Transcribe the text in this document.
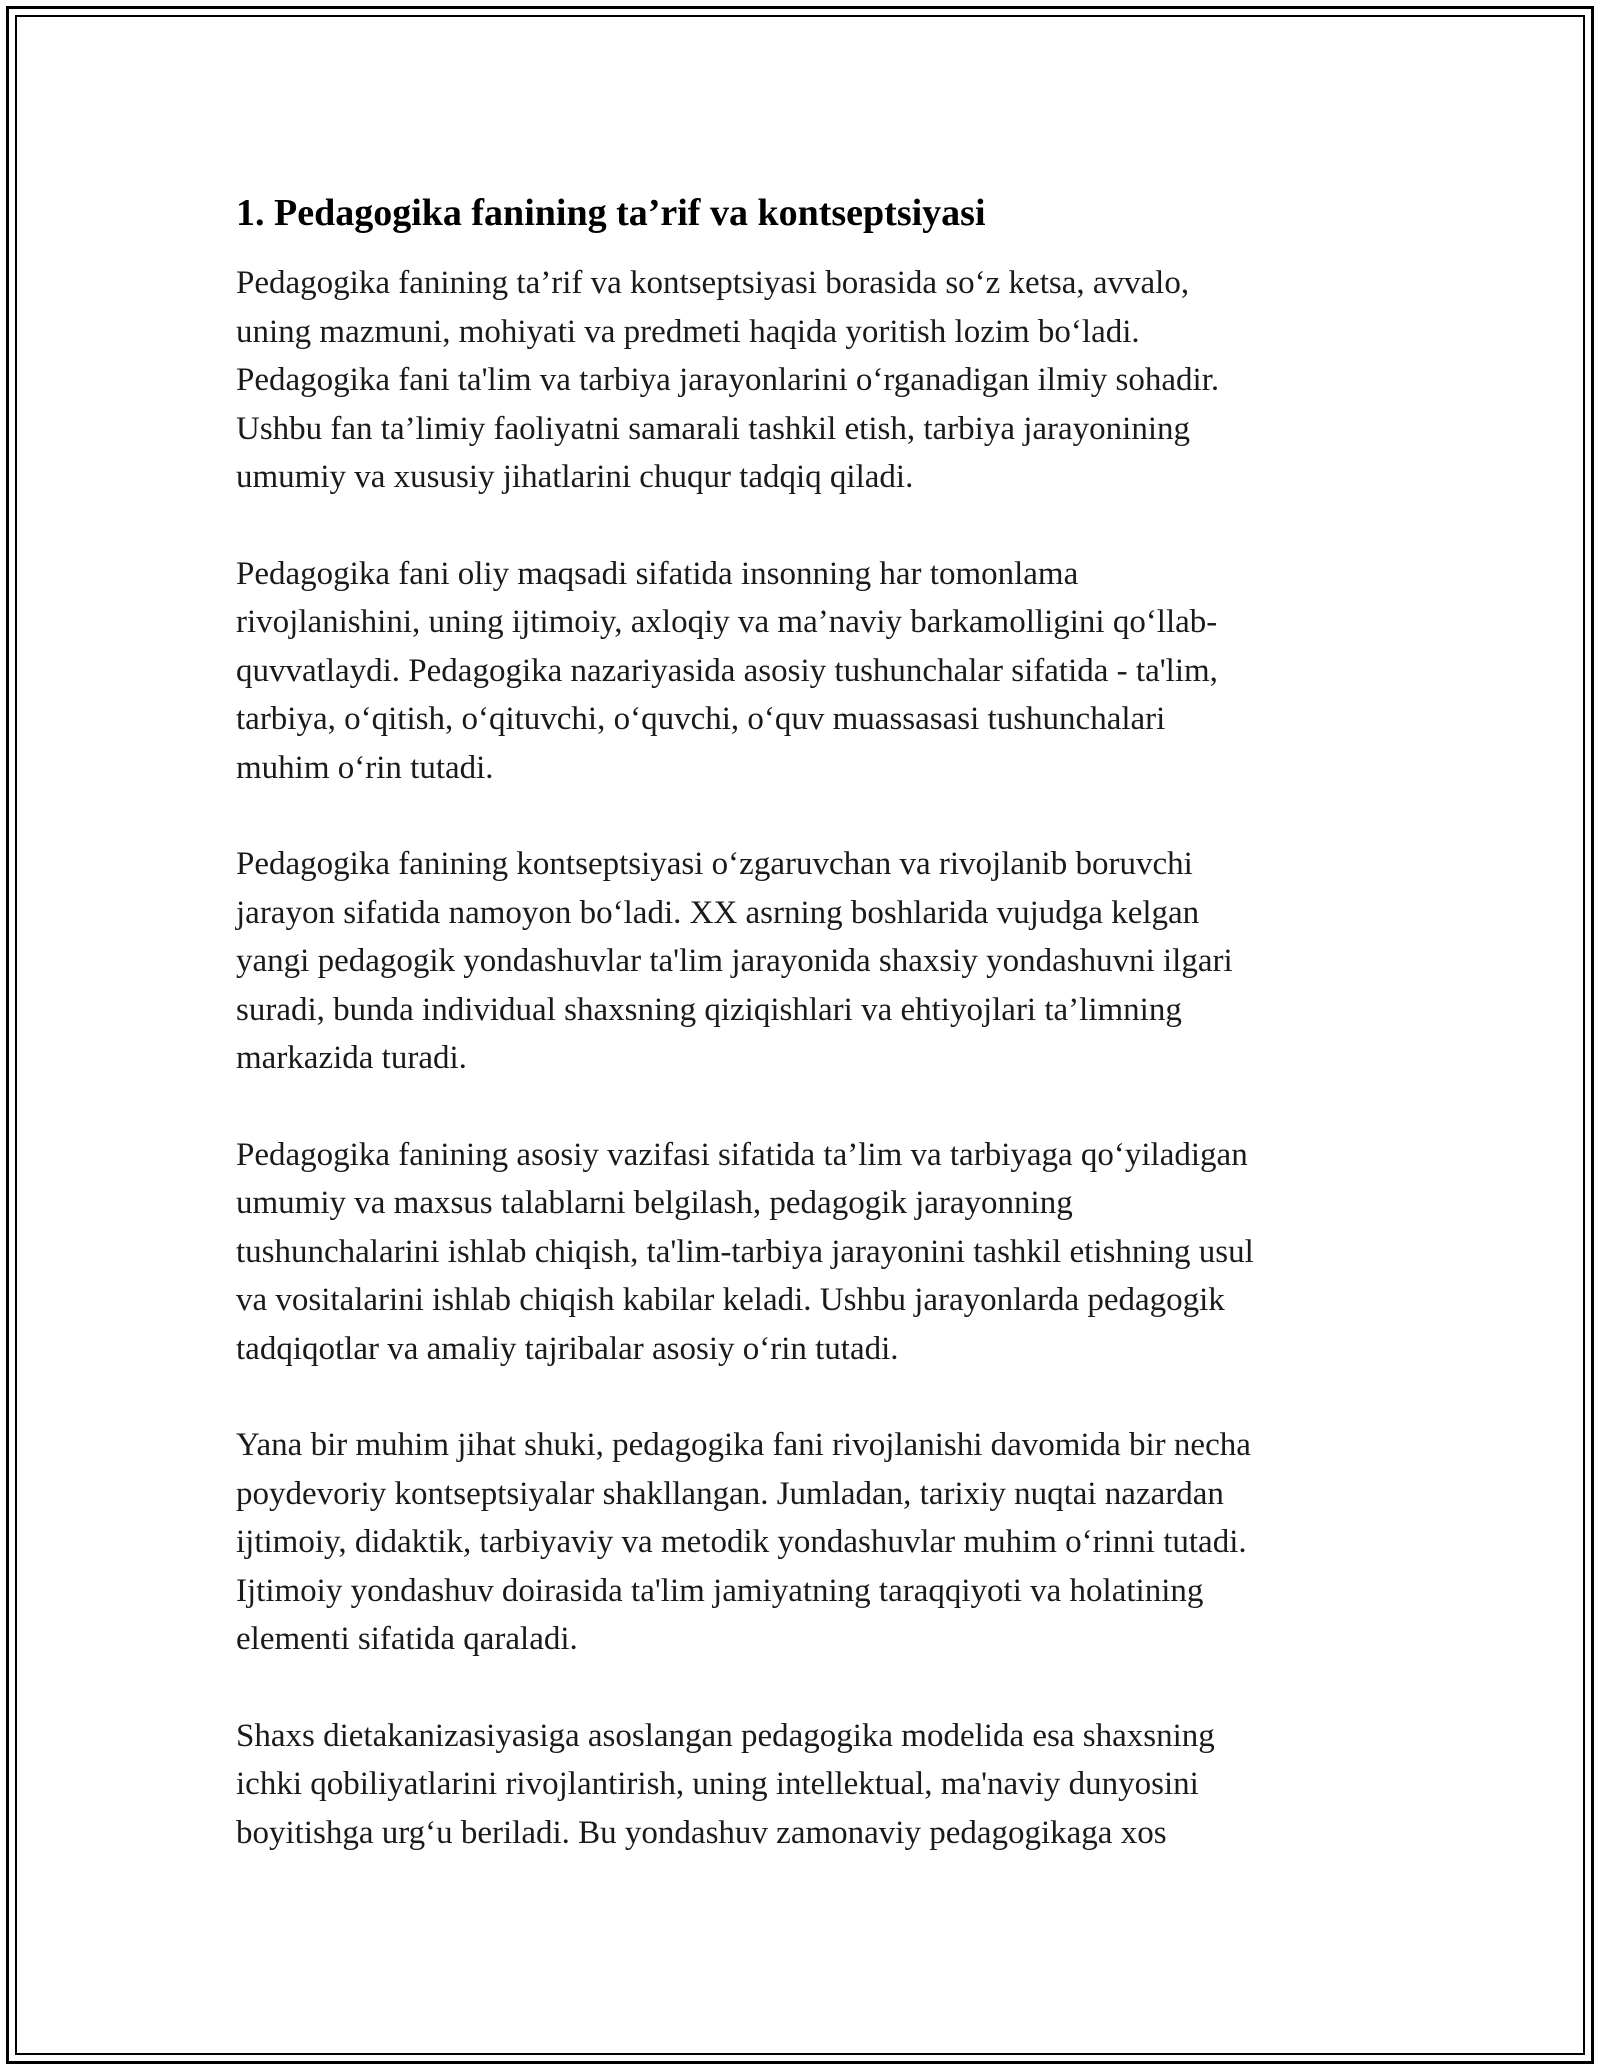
1. Pedagogika fanining ta’rif va kontseptsiyasi

Pedagogika fanining ta’rif va kontseptsiyasi borasida so‘z ketsa, avvalo,
uning mazmuni, mohiyati va predmeti haqida yoritish lozim bo‘ladi.
Pedagogika fani ta'lim va tarbiya jarayonlarini o‘rganadigan ilmiy sohadir.
Ushbu fan ta’limiy faoliyatni samarali tashkil etish, tarbiya jarayonining
umumiy va xususiy jihatlarini chuqur tadqiq qiladi.

Pedagogika fani oliy maqsadi sifatida insonning har tomonlama
rivojlanishini, uning ijtimoiy, axloqiy va ma’naviy barkamolligini qo‘llab-
quvvatlaydi. Pedagogika nazariyasida asosiy tushunchalar sifatida - ta'lim,
tarbiya, o‘qitish, o‘qituvchi, o‘quvchi, o‘quv muassasasi tushunchalari
muhim o‘rin tutadi.

Pedagogika fanining kontseptsiyasi o‘zgaruvchan va rivojlanib boruvchi
jarayon sifatida namoyon bo‘ladi. XX asrning boshlarida vujudga kelgan
yangi pedagogik yondashuvlar ta'lim jarayonida shaxsiy yondashuvni ilgari
suradi, bunda individual shaxsning qiziqishlari va ehtiyojlari ta’limning
markazida turadi.

Pedagogika fanining asosiy vazifasi sifatida ta’lim va tarbiyaga qo‘yiladigan
umumiy va maxsus talablarni belgilash, pedagogik jarayonning
tushunchalarini ishlab chiqish, ta'lim-tarbiya jarayonini tashkil etishning usul
va vositalarini ishlab chiqish kabilar keladi. Ushbu jarayonlarda pedagogik
tadqiqotlar va amaliy tajribalar asosiy o‘rin tutadi.

Yana bir muhim jihat shuki, pedagogika fani rivojlanishi davomida bir necha
poydevoriy kontseptsiyalar shakllangan. Jumladan, tarixiy nuqtai nazardan
ijtimoiy, didaktik, tarbiyaviy va metodik yondashuvlar muhim o‘rinni tutadi.
Ijtimoiy yondashuv doirasida ta'lim jamiyatning taraqqiyoti va holatining
elementi sifatida qaraladi.

Shaxs dietakanizasiyasiga asoslangan pedagogika modelida esa shaxsning
ichki qobiliyatlarini rivojlantirish, uning intellektual, ma'naviy dunyosini
boyitishga urg‘u beriladi. Bu yondashuv zamonaviy pedagogikaga xos
